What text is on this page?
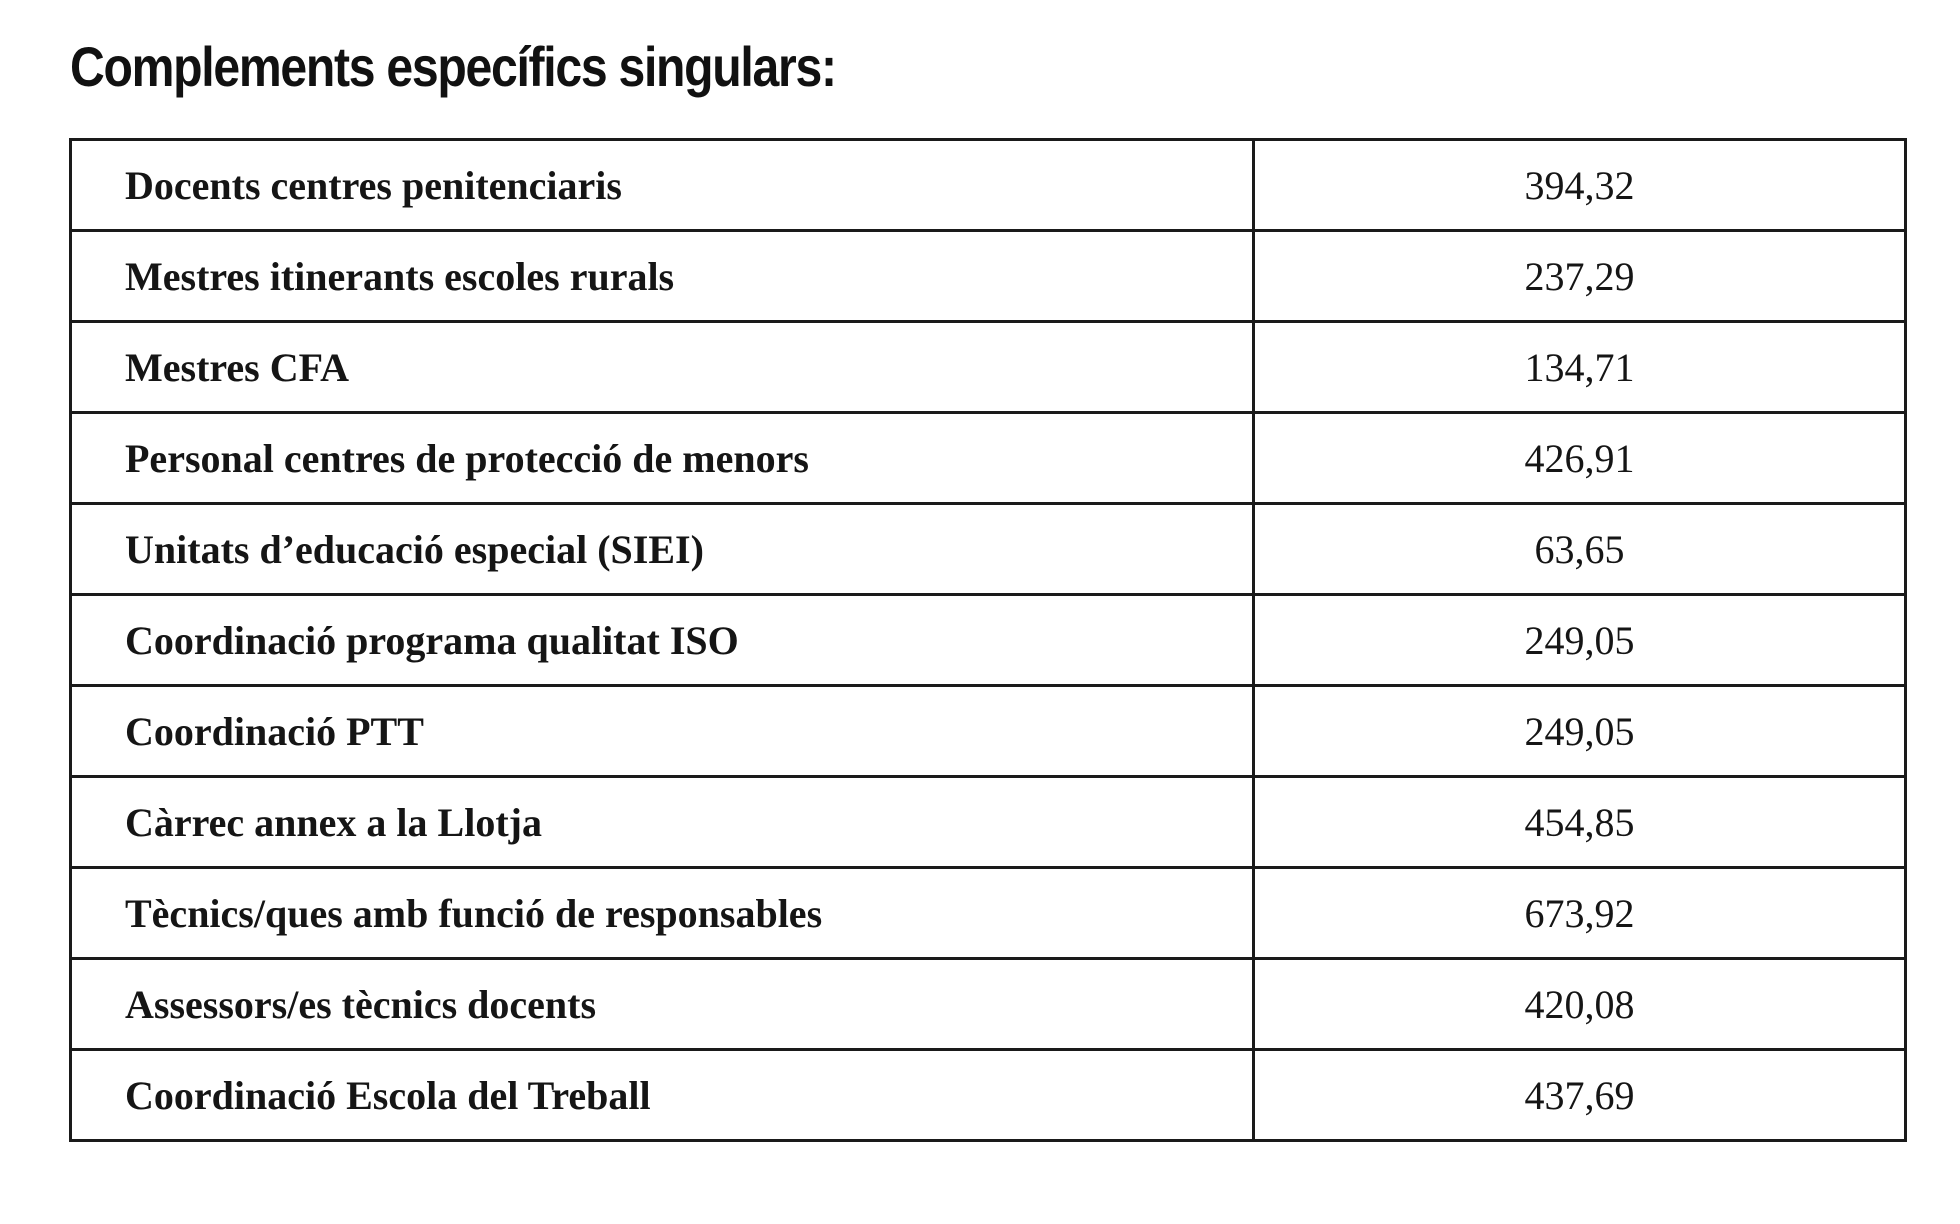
Complements específics singulars:
Docents centres penitenciaris	394,32
Mestres itinerants escoles rurals	237,29
Mestres CFA	134,71
Personal centres de protecció de menors	426,91
Unitats d’educació especial (SIEI)	63,65
Coordinació programa qualitat ISO	249,05
Coordinació PTT	249,05
Càrrec annex a la Llotja	454,85
Tècnics/ques amb funció de responsables	673,92
Assessors/es tècnics docents	420,08
Coordinació Escola del Treball	437,69
